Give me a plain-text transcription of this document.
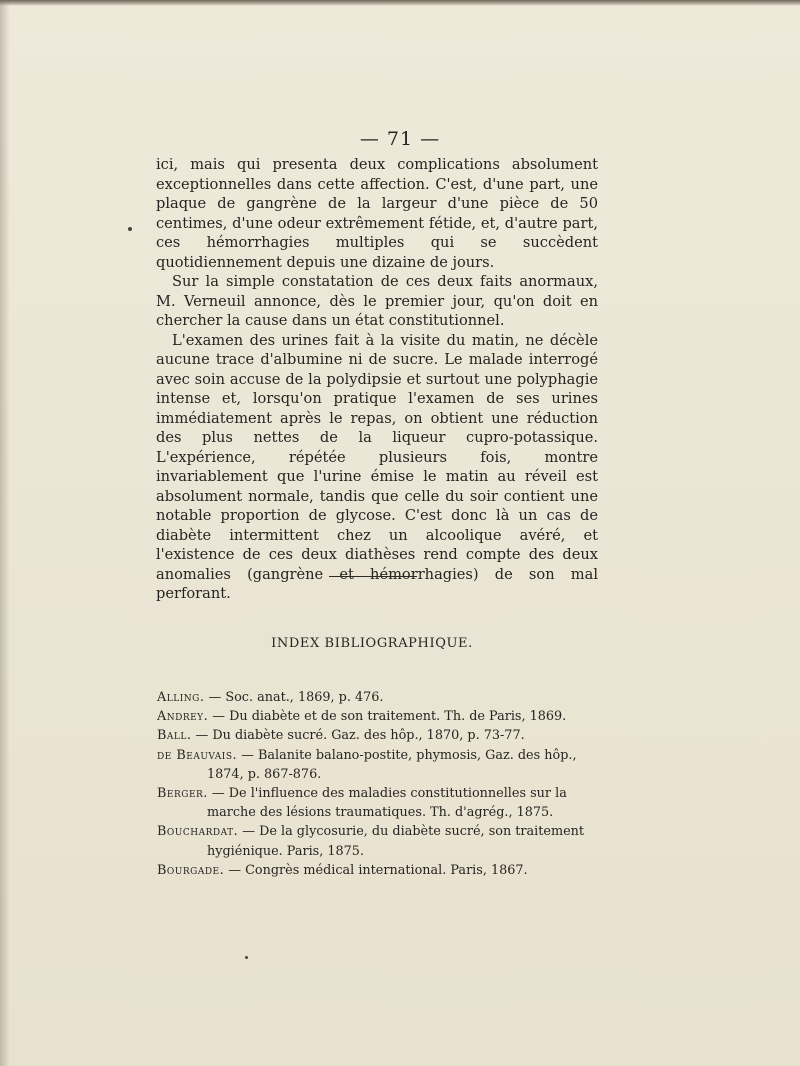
— 71 —

ici, mais qui presenta deux complications absolument exceptionnelles dans cette affection. C'est, d'une part, une plaque de gangrène de la largeur d'une pièce de 50 centimes, d'une odeur extrêmement fétide, et, d'autre part, ces hémorrhagies multiples qui se succèdent quotidiennement depuis une dizaine de jours.

Sur la simple constatation de ces deux faits anormaux, M. Verneuil annonce, dès le premier jour, qu'on doit en chercher la cause dans un état constitutionnel.

L'examen des urines fait à la visite du matin, ne décèle aucune trace d'albumine ni de sucre. Le malade interrogé avec soin accuse de la polydipsie et surtout une polyphagie intense et, lorsqu'on pratique l'examen de ses urines immédiatement après le repas, on obtient une réduction des plus nettes de la liqueur cupro-potassique. L'expérience, répétée plusieurs fois, montre invariablement que l'urine émise le matin au réveil est absolument normale, tandis que celle du soir contient une notable proportion de glycose. C'est donc là un cas de diabète intermittent chez un alcoolique avéré, et l'existence de ces deux diathèses rend compte des deux anomalies (gangrène et hémorrhagies) de son mal perforant.

INDEX BIBLIOGRAPHIQUE.

Alling. — Soc. anat., 1869, p. 476.

Andrey. — Du diabète et de son traitement. Th. de Paris, 1869.

Ball. — Du diabète sucré. Gaz. des hôp., 1870, p. 73-77.

de Beauvais. — Balanite balano-postite, phymosis, Gaz. des hôp., 1874, p. 867-876.

Berger. — De l'influence des maladies constitutionnelles sur la marche des lésions traumatiques. Th. d'agrég., 1875.

Bouchardat. — De la glycosurie, du diabète sucré, son traitement hygiénique. Paris, 1875.

Bourgade. — Congrès médical international. Paris, 1867.
